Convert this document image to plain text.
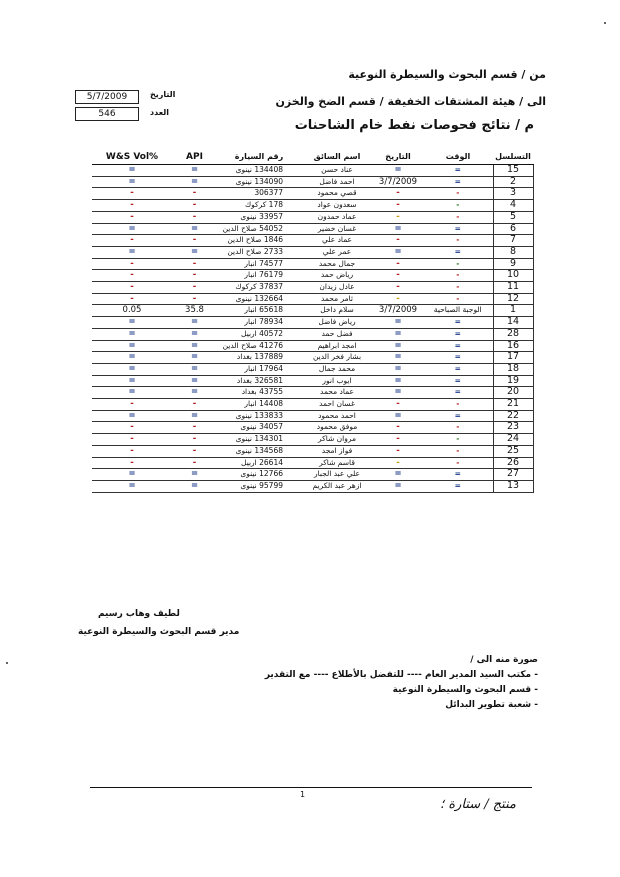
من / قسم البحوث والسيطرة النوعية
الى / هيئة المشتقات الخفيفة / قسم الضخ والخزن
م / نتائج فحوصات نفط خام الشاحنات
5/7/2009	التاريخ
546	العدد
W&S Vol%	API	رقم السيارة	اسم السائق	التاريخ	الوقت	التسلسل
=	=	134408 نينوى	عناد حسن	=	=	15
=	=	134090 نينوى	احمد فاضل	3/7/2009	=	2
-	-	306377	قصي محمود	-	-	3
-	-	178 كركوك	سعدون عواد	-	-	4
-	-	33957 نينوى	عماد حمدون	-	-	5
=	=	54052 صلاح الدين	غسان خضير	=	=	6
-	-	1846 صلاح الدين	عماد علي	-	-	7
=	=	2733 صلاح الدين	عمر علي	=	=	8
-	-	74577 انبار	جمال محمد	-	-	9
-	-	76179 انبار	رياض حمد	-	-	10
-	-	37837 كركوك	عادل زيدان	-	-	11
-	-	132664 نينوى	ثامر محمد	-	-	12
0.05	35.8	65618 انبار	سلام داخل	3/7/2009	الوجبة الصباحية	1
=	=	78934 انبار	رياض فاضل	=	=	14
=	=	40572 اربيل	فضل حمد	=	=	28
=	=	41276 صلاح الدين	امجد ابراهيم	=	=	16
=	=	137889 بغداد	بشار فخر الدين	=	=	17
=	=	17964 انبار	محمد جمال	=	=	18
=	=	326581 بغداد	ايوب انور	=	=	19
=	=	43755 بغداد	عماد محمد	=	=	20
-	-	14408 انبار	غسان احمد	-	-	21
=	=	133833 نينوى	احمد محمود	=	=	22
-	-	34057 نينوى	موفق محمود	-	-	23
-	-	134301 نينوى	مروان شاكر	-	-	24
-	-	134568 نينوى	فواز امجد	-	-	25
-	-	26614 اربيل	قاسم شاكر	-	-	26
=	=	12766 نينوى	علي عبد الجبار	=	=	27
=	=	95799 نينوى	ازهر عبد الكريم	=	=	13
لطيف وهاب رسيم
مدير قسم البحوث والسيطرة النوعية
صورة منه الى /
- مكتب السيد المدير العام ---- للتفضل بالأطلاع ---- مع التقدير
- قسم البحوث والسيطرة النوعية
- شعبة تطوير البدائل
1
منتج / ستارة ؛
